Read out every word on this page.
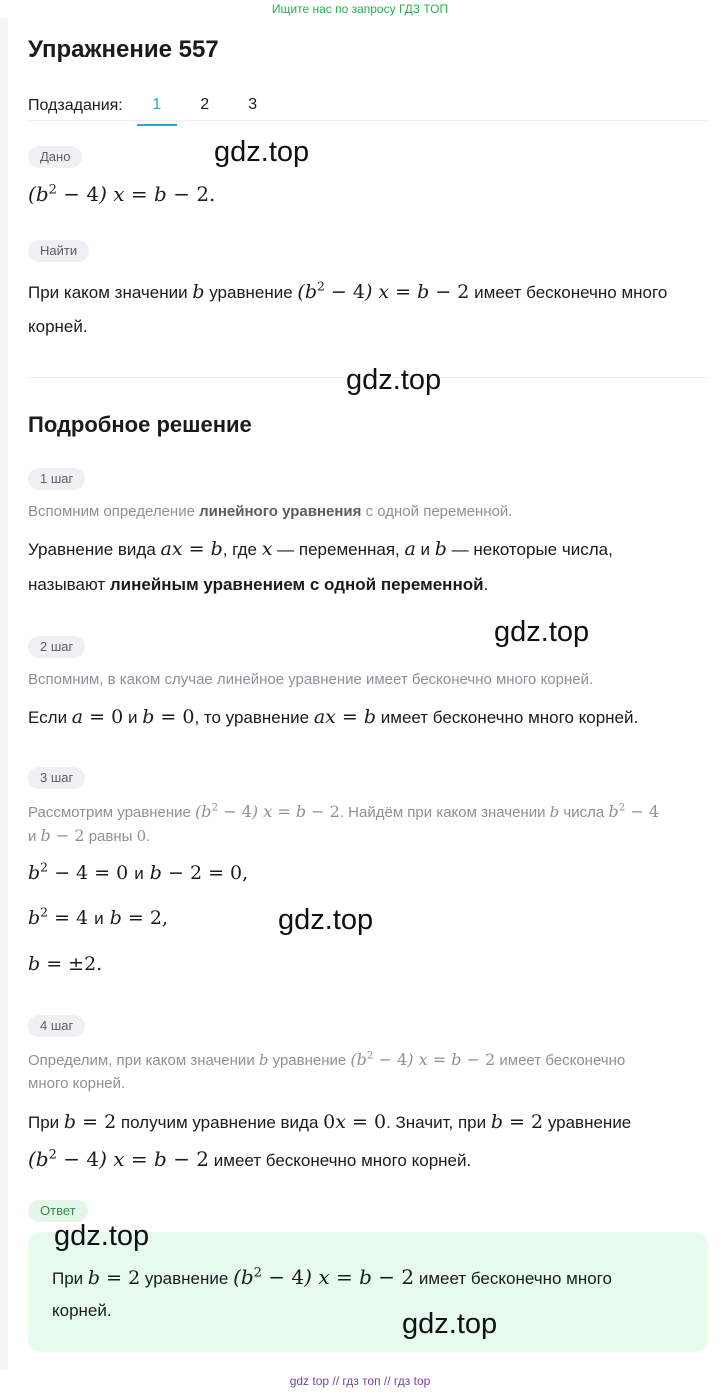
Ищите нас по запросу ГДЗ ТОП
Упражнение 557
Подзадания:	1	2	3
Дано
$(b^2 - 4) x = b - 2$.
Найти
При каком значении b уравнение $(b^2 - 4) x = b - 2$ имеет бесконечно много
корней.
Подробное решение
1 шаг
Вспомним определение линейного уравнения с одной переменной.
Уравнение вида ax = b, где x — переменная, a и b — некоторые числа,
называют линейным уравнением с одной переменной.
2 шаг
Вспомним, в каком случае линейное уравнение имеет бесконечно много корней.
Если a = 0 и b = 0, то уравнение ax = b имеет бесконечно много корней.
3 шаг
Рассмотрим уравнение $(b^2 - 4) x = b - 2$. Найдём при каком значении b числа $b^2 - 4$
и b − 2 равны 0.
$b^2 - 4 = 0$ и b − 2 = 0,
$b^2 = 4$ и b = 2,
b = ±2.
4 шаг
Определим, при каком значении b уравнение $(b^2 - 4) x = b - 2$ имеет бесконечно
много корней.
При b = 2 получим уравнение вида 0x = 0. Значит, при b = 2 уравнение
$(b^2 - 4) x = b - 2$ имеет бесконечно много корней.
Ответ
При b = 2 уравнение $(b^2 - 4) x = b - 2$ имеет бесконечно много
корней.
gdz.top
gdz.top
gdz.top
gdz.top
gdz.top
gdz.top
gdz top // гдз топ // гдз top
